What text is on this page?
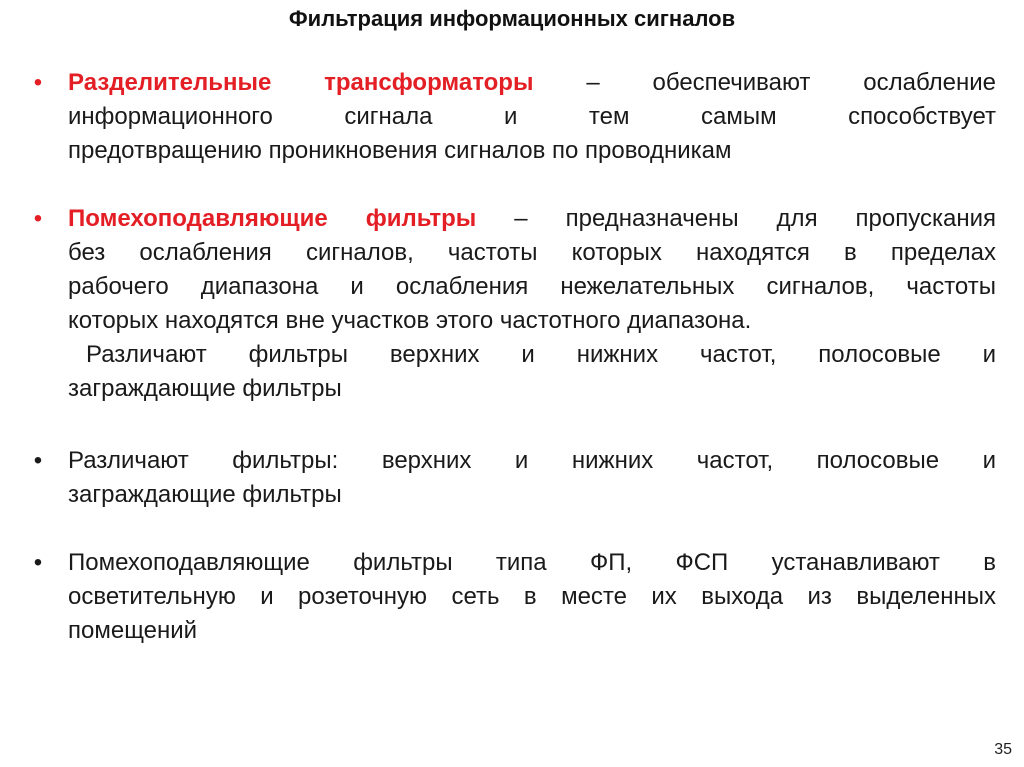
Фильтрация информационных сигналов
• Разделительные трансформаторы – обеспечивают ослабление
информационного сигнала и тем самым способствует
предотвращению проникновения сигналов по проводникам
• Помехоподавляющие фильтры – предназначены для пропускания
без ослабления сигналов, частоты которых находятся в пределах
рабочего диапазона и ослабления нежелательных сигналов, частоты
которых находятся вне участков этого частотного диапазона.
Различают фильтры верхних и нижних частот, полосовые и
заграждающие фильтры
• Различают фильтры: верхних и нижних частот, полосовые и
заграждающие фильтры
• Помехоподавляющие фильтры типа ФП, ФСП устанавливают в
осветительную и розеточную сеть в месте их выхода из выделенных
помещений
35
